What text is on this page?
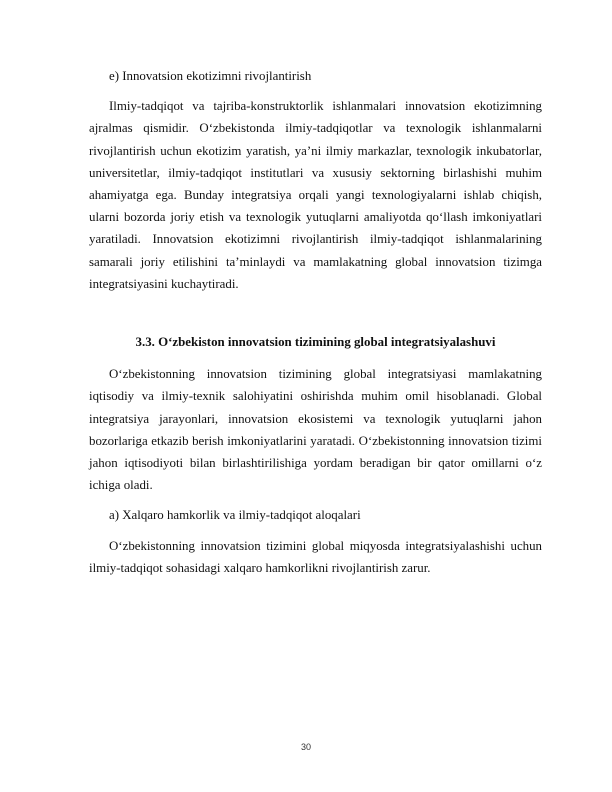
e) Innovatsion ekotizimni rivojlantirish

Ilmiy-tadqiqot va tajriba-konstruktorlik ishlanmalari innovatsion ekotizimning ajralmas qismidir. O‘zbekistonda ilmiy-tadqiqotlar va texnologik ishlanmalarni rivojlantirish uchun ekotizim yaratish, ya’ni ilmiy markazlar, texnologik inkubatorlar, universitetlar, ilmiy-tadqiqot institutlari va xususiy sektorning birlashishi muhim ahamiyatga ega. Bunday integratsiya orqali yangi texnologiyalarni ishlab chiqish, ularni bozorda joriy etish va texnologik yutuqlarni amaliyotda qo‘llash imkoniyatlari yaratiladi. Innovatsion ekotizimni rivojlantirish ilmiy-tadqiqot ishlanmalarining samarali joriy etilishini ta’minlaydi va mamlakatning global innovatsion tizimga integratsiyasini kuchaytiradi.

3.3. O‘zbekiston innovatsion tizimining global integratsiyalashuvi

O‘zbekistonning innovatsion tizimining global integratsiyasi mamlakatning iqtisodiy va ilmiy-texnik salohiyatini oshirishda muhim omil hisoblanadi. Global integratsiya jarayonlari, innovatsion ekosistemi va texnologik yutuqlarni jahon bozorlariga etkazib berish imkoniyatlarini yaratadi. O‘zbekistonning innovatsion tizimi jahon iqtisodiyoti bilan birlashtirilishiga yordam beradigan bir qator omillarni o‘z ichiga oladi.

a) Xalqaro hamkorlik va ilmiy-tadqiqot aloqalari

O‘zbekistonning innovatsion tizimini global miqyosda integratsiyalashishi uchun ilmiy-tadqiqot sohasidagi xalqaro hamkorlikni rivojlantirish zarur.

30
